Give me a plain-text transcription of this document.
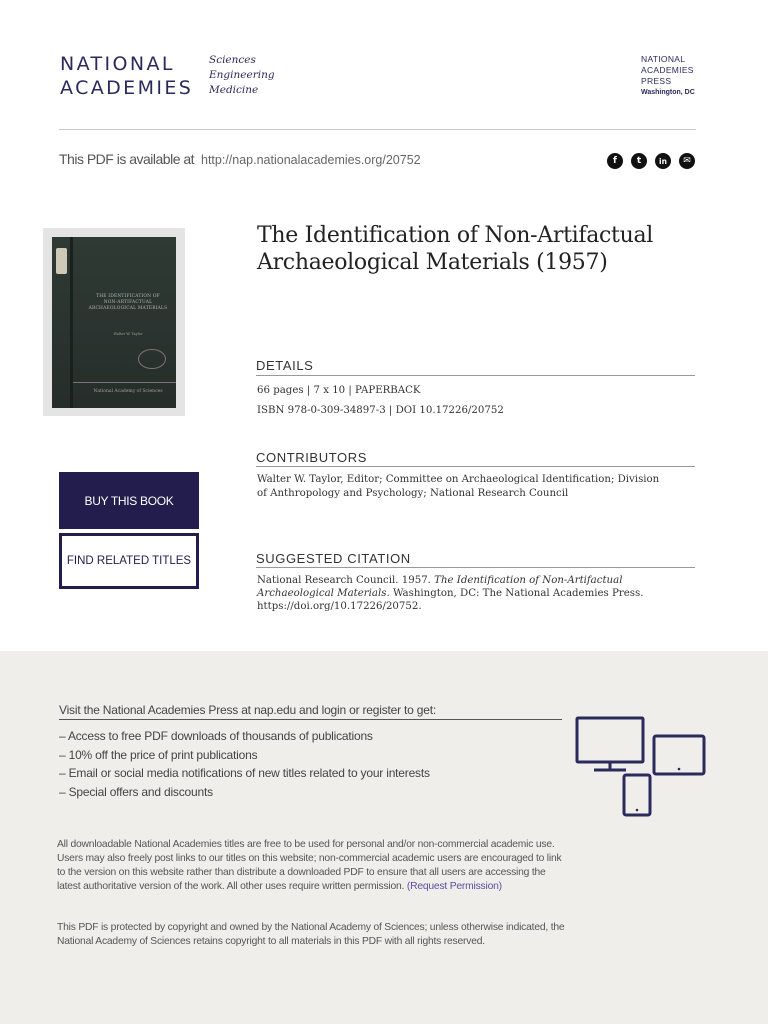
NATIONAL
ACADEMIES
Sciences
Engineering
Medicine
NATIONAL
ACADEMIES
PRESS
Washington, DC
This PDF is available at http://nap.nationalacademies.org/20752	f	t	in	✉
THE IDENTIFICATION OF
NON-ARTIFACTUAL
ARCHAEOLOGICAL MATERIALS
Walter W. Taylor
National Academy of Sciences
BUY THIS BOOK
FIND RELATED TITLES
The Identification of Non-Artifactual Archaeological Materials (1957)
DETAILS
66 pages | 7 x 10 | PAPERBACK
ISBN 978-0-309-34897-3 | DOI 10.17226/20752
CONTRIBUTORS
Walter W. Taylor, Editor; Committee on Archaeological Identification; Division
of Anthropology and Psychology; National Research Council
SUGGESTED CITATION
National Research Council. 1957. The Identification of Non-Artifactual
Archaeological Materials. Washington, DC: The National Academies Press.
https://doi.org/10.17226/20752.
Visit the National Academies Press at nap.edu and login or register to get:
– Access to free PDF downloads of thousands of publications
– 10% off the price of print publications
– Email or social media notifications of new titles related to your interests
– Special offers and discounts
All downloadable National Academies titles are free to be used for personal and/or non-commercial academic use. Users may also freely post links to our titles on this website; non-commercial academic users are encouraged to link to the version on this website rather than distribute a downloaded PDF to ensure that all users are accessing the latest authoritative version of the work. All other uses require written permission. (Request Permission)
This PDF is protected by copyright and owned by the National Academy of Sciences; unless otherwise indicated, the National Academy of Sciences retains copyright to all materials in this PDF with all rights reserved.
